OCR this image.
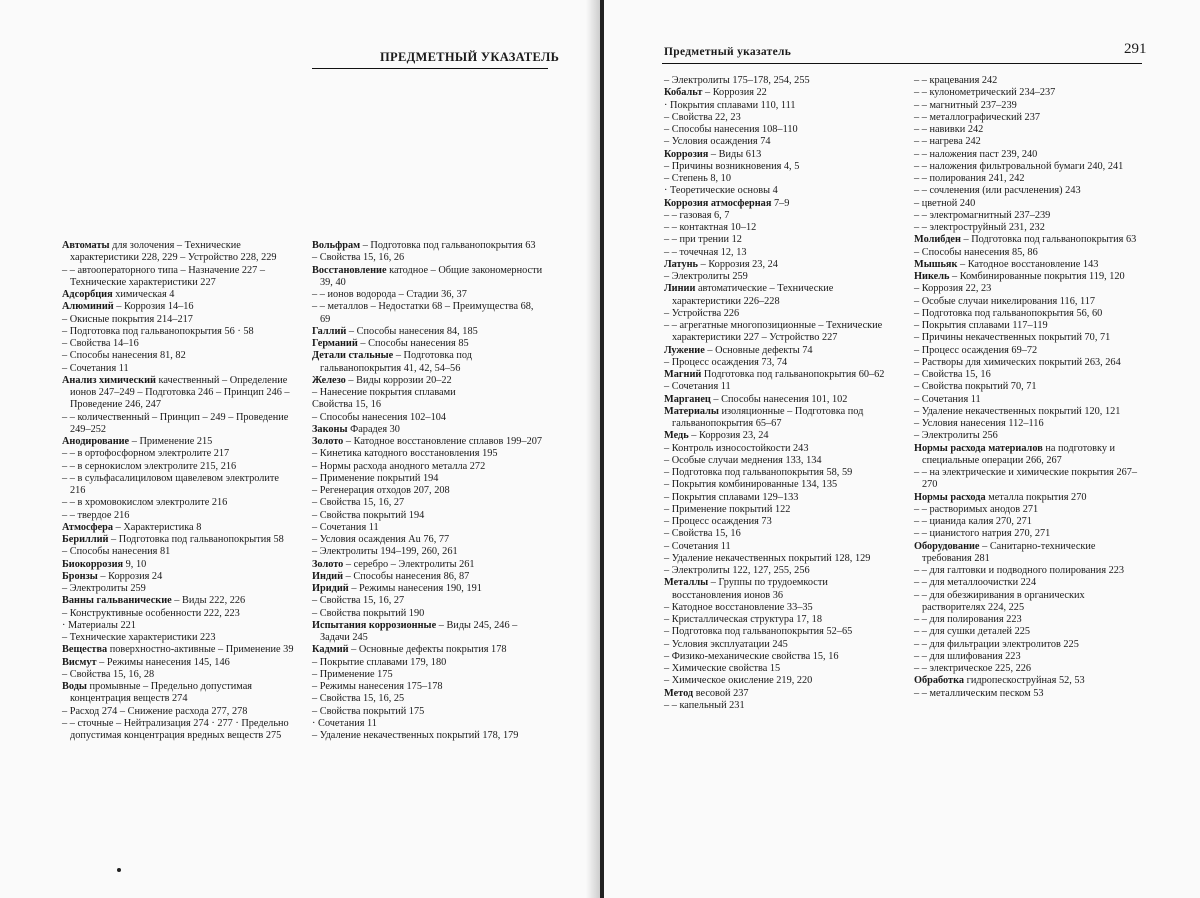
ПРЕДМЕТНЫЙ УКАЗАТЕЛЬ
Автоматы для золочения – Технические характеристики 228, 229 – Устройство 228, 229
– – автооператорного типа – Назначение 227 – Технические характеристики 227
Адсорбция химическая 4
Алюминий – Коррозия 14–16
– Окисные покрытия 214–217
– Подготовка под гальванопокрытия 56 · 58
– Свойства 14–16
– Способы нанесения 81, 82
– Сочетания 11
Анализ химический качественный – Определение ионов 247–249 – Подготовка 246 – Принцип 246 – Проведение 246, 247
– – количественный – Принцип – 249 – Проведение 249–252
Анодирование – Применение 215
– – в ортофосфорном электролите 217
– – в сернокислом электролите 215, 216
– – в сульфасалициловом щавелевом электролите 216
– – в хромовокислом электролите 216
– – твердое 216
Атмосфера – Характеристика 8
Бериллий – Подготовка под гальванопокрытия 58
– Способы нанесения 81
Биокоррозия 9, 10
Бронзы – Коррозия 24
– Электролиты 259
Ванны гальванические – Виды 222, 226
– Конструктивные особенности 222, 223
· Материалы 221
– Технические характеристики 223
Вещества поверхностно-активные – Применение 39
Висмут – Режимы нанесения 145, 146
– Свойства 15, 16, 28
Воды промывные – Предельно допустимая концентрация веществ 274
– Расход 274 – Снижение расхода 277, 278
– – сточные – Нейтрализация 274 · 277 · Предельно допустимая концентрация вредных веществ 275
Вольфрам – Подготовка под гальванопокрытия 63
– Свойства 15, 16, 26
Восстановление катодное – Общие закономерности 39, 40
– – ионов водорода – Стадии 36, 37
– – металлов – Недостатки 68 – Преимущества 68, 69
Галлий – Способы нанесения 84, 185
Германий – Способы нанесения 85
Детали стальные – Подготовка под гальванопокрытия 41, 42, 54–56
Железо – Виды коррозии 20–22
– Нанесение покрытия сплавами
Свойства 15, 16
– Способы нанесения 102–104
Законы Фарадея 30
Золото – Катодное восстановление сплавов 199–207
– Кинетика катодного восстановления 195
– Нормы расхода анодного металла 272
– Применение покрытий 194
– Регенерация отходов 207, 208
– Свойства 15, 16, 27
– Свойства покрытий 194
– Сочетания 11
– Условия осаждения Au 76, 77
– Электролиты 194–199, 260, 261
Золото – серебро – Электролиты 261
Индий – Способы нанесения 86, 87
Иридий – Режимы нанесения 190, 191
– Свойства 15, 16, 27
– Свойства покрытий 190
Испытания коррозионные – Виды 245, 246 – Задачи 245
Кадмий – Основные дефекты покрытия 178
– Покрытие сплавами 179, 180
– Применение 175
– Режимы нанесения 175–178
– Свойства 15, 16, 25
– Свойства покрытий 175
· Сочетания 11
– Удаление некачественных покрытий 178, 179
Предметный указатель	291
– Электролиты 175–178, 254, 255
Кобальт – Коррозия 22
· Покрытия сплавами 110, 111
– Свойства 22, 23
– Способы нанесения 108–110
– Условия осаждения 74
Коррозия – Виды 613
– Причины возникновения 4, 5
– Степень 8, 10
· Теоретические основы 4
Коррозия атмосферная 7–9
– – газовая 6, 7
– – контактная 10–12
– – при трении 12
– – точечная 12, 13
Латунь – Коррозия 23, 24
– Электролиты 259
Линии автоматические – Технические характеристики 226–228
– Устройства 226
– – агрегатные многопозиционные – Технические характеристики 227 – Устройство 227
Лужение – Основные дефекты 74
– Процесс осаждения 73, 74
Магний Подготовка под гальванопокрытия 60–62
– Сочетания 11
Марганец – Способы нанесения 101, 102
Материалы изоляционные – Подготовка под гальванопокрытия 65–67
Медь – Коррозия 23, 24
– Контроль износостойкости 243
– Особые случаи меднения 133, 134
– Подготовка под гальванопокрытия 58, 59
– Покрытия комбинированные 134, 135
– Покрытия сплавами 129–133
– Применение покрытий 122
– Процесс осаждения 73
– Свойства 15, 16
– Сочетания 11
– Удаление некачественных покрытий 128, 129
– Электролиты 122, 127, 255, 256
Металлы – Группы по трудоемкости восстановления ионов 36
– Катодное восстановление 33–35
– Кристаллическая структура 17, 18
– Подготовка под гальванопокрытия 52–65
– Условия эксплуатации 245
– Физико-механические свойства 15, 16
– Химические свойства 15
– Химическое окисление 219, 220
Метод весовой 237
– – капельный 231
– – крацевания 242
– – кулонометрический 234–237
– – магнитный 237–239
– – металлографический 237
– – навивки 242
– – нагрева 242
– – наложения паст 239, 240
– – наложения фильтровальной бумаги 240, 241
– – полирования 241, 242
– – сочленения (или расчленения) 243
– цветной 240
– – электромагнитный 237–239
– – электроструйный 231, 232
Молибден – Подготовка под гальванопокрытия 63
– Способы нанесения 85, 86
Мышьяк – Катодное восстановление 143
Никель – Комбинированные покрытия 119, 120
– Коррозия 22, 23
– Особые случаи никелирования 116, 117
– Подготовка под гальванопокрытия 56, 60
– Покрытия сплавами 117–119
– Причины некачественных покрытий 70, 71
– Процесс осаждения 69–72
– Растворы для химических покрытий 263, 264
– Свойства 15, 16
– Свойства покрытий 70, 71
– Сочетания 11
– Удаление некачественных покрытий 120, 121
– Условия нанесения 112–116
– Электролиты 256
Нормы расхода материалов на подготовку и специальные операции 266, 267
– – на электрические и химические покрытия 267–270
Нормы расхода металла покрытия 270
– – растворимых анодов 271
– – цианида калия 270, 271
– – цианистого натрия 270, 271
Оборудование – Санитарно-технические требования 281
– – для галтовки и подводного полирования 223
– – для металлоочистки 224
– – для обезжиривания в органических растворителях 224, 225
– – для полирования 223
– – для сушки деталей 225
– – для фильтрации электролитов 225
– – для шлифования 223
– – электрическое 225, 226
Обработка гидропескоструйная 52, 53
– – металлическим песком 53
